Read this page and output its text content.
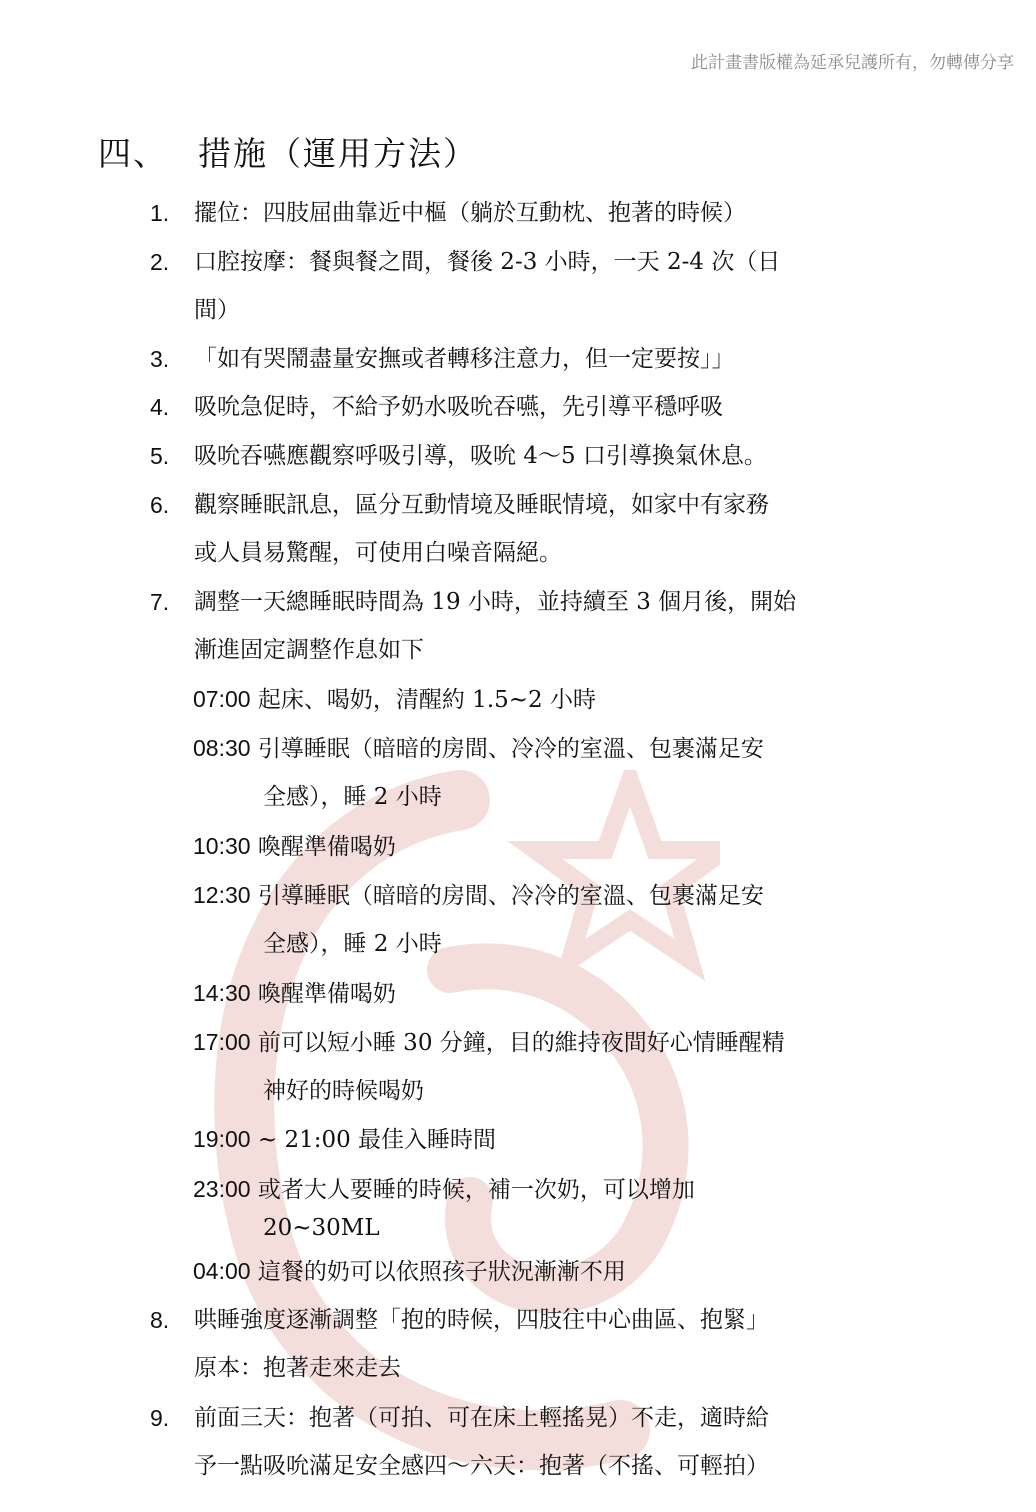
此計畫書版權為延承兒護所有，勿轉傳分享
四、 措施（運用方法）
1.	擺位：四肢屈曲靠近中樞（躺於互動枕、抱著的時候）
2.	口腔按摩：餐與餐之間，餐後 2-3 小時，一天 2-4 次（日
間）
3.	「如有哭鬧盡量安撫或者轉移注意力，但一定要按」」
4.	吸吮急促時，不給予奶水吸吮吞嚥，先引導平穩呼吸
5.	吸吮吞嚥應觀察呼吸引導，吸吮 4～5 口引導換氣休息。
6.	觀察睡眠訊息，區分互動情境及睡眠情境，如家中有家務
或人員易驚醒，可使用白噪音隔絕。
7.	調整一天總睡眠時間為 19 小時，並持續至 3 個月後，開始
漸進固定調整作息如下
07:00 起床、喝奶，清醒約 1.5~2 小時
08:30 引導睡眠（暗暗的房間、冷冷的室溫、包裹滿足安
全感），睡 2 小時
10:30 喚醒準備喝奶
12:30 引導睡眠（暗暗的房間、冷冷的室溫、包裹滿足安
全感），睡 2 小時
14:30 喚醒準備喝奶
17:00 前可以短小睡 30 分鐘，目的維持夜間好心情睡醒精
神好的時候喝奶
19:00 ~ 21:00 最佳入睡時間
23:00 或者大人要睡的時候，補一次奶，可以增加
20~30ML
04:00 這餐的奶可以依照孩子狀況漸漸不用
8.	哄睡強度逐漸調整「抱的時候，四肢往中心曲區、抱緊」
原本：抱著走來走去
9.	前面三天：抱著（可拍、可在床上輕搖晃）不走，適時給
予一點吸吮滿足安全感四～六天：抱著（不搖、可輕拍）
